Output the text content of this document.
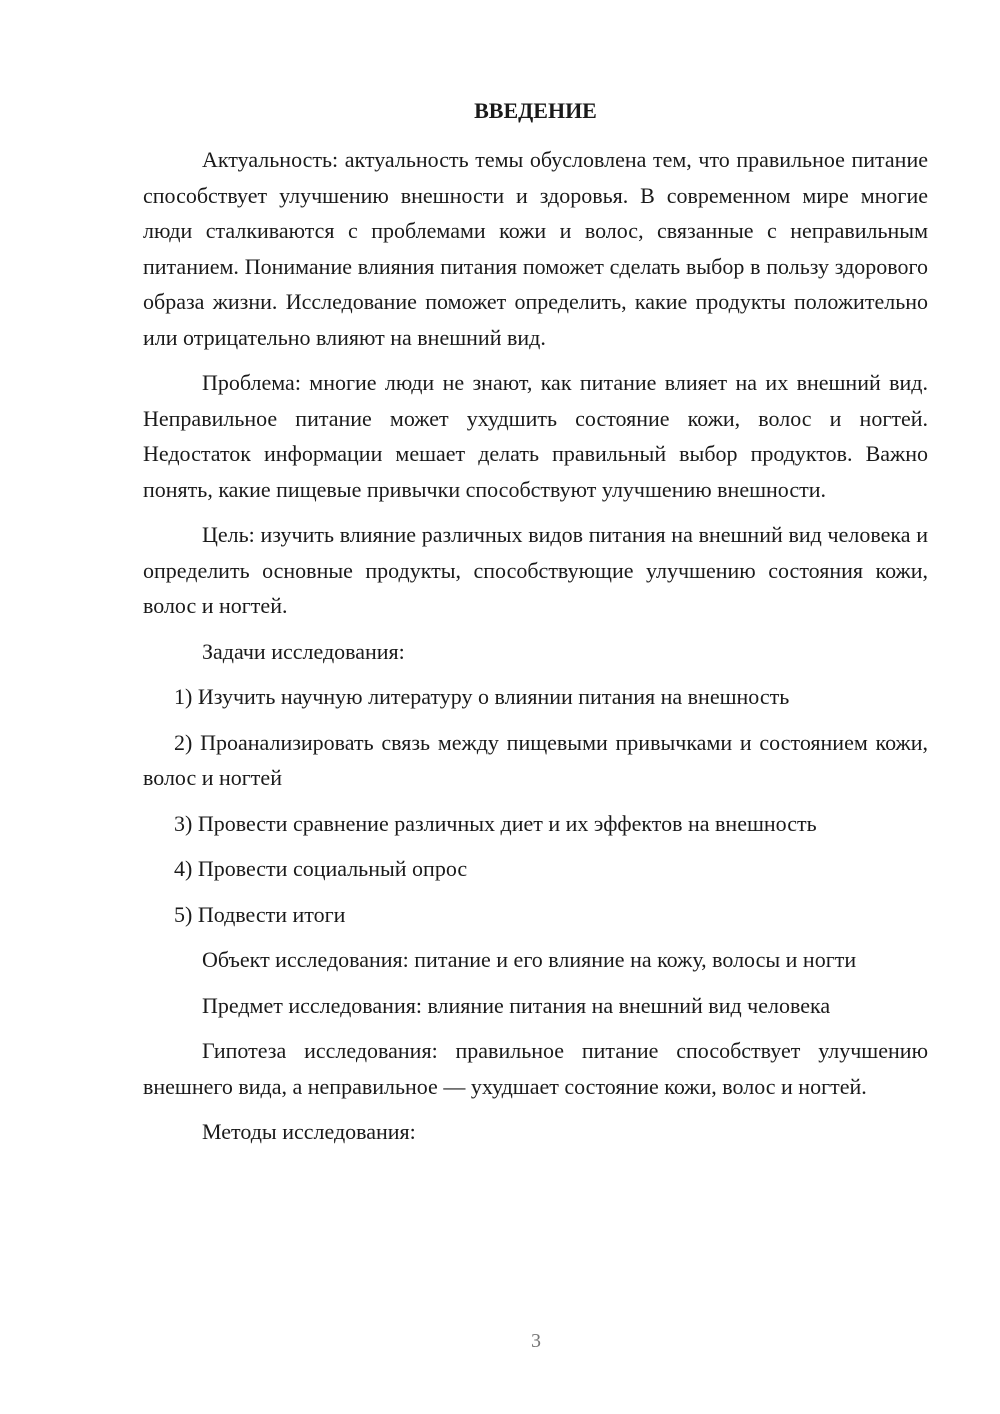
ВВЕДЕНИЕ

Актуальность: актуальность темы обусловлена тем, что правильное питание способствует улучшению внешности и здоровья. В современном мире многие люди сталкиваются с проблемами кожи и волос, связанные с неправильным питанием. Понимание влияния питания поможет сделать выбор в пользу здорового образа жизни. Исследование поможет определить, какие продукты положительно или отрицательно влияют на внешний вид.

Проблема: многие люди не знают, как питание влияет на их внешний вид. Неправильное питание может ухудшить состояние кожи, волос и ногтей. Недостаток информации мешает делать правильный выбор продуктов. Важно понять, какие пищевые привычки способствуют улучшению внешности.

Цель: изучить влияние различных видов питания на внешний вид человека и определить основные продукты, способствующие улучшению состояния кожи, волос и ногтей.

Задачи исследования:

1) Изучить научную литературу о влиянии питания на внешность

2) Проанализировать связь между пищевыми привычками и состоянием кожи, волос и ногтей

3) Провести сравнение различных диет и их эффектов на внешность

4) Провести социальный опрос

5) Подвести итоги

Объект исследования: питание и его влияние на кожу, волосы и ногти

Предмет исследования: влияние питания на внешний вид человека

Гипотеза исследования: правильное питание способствует улучшению внешнего вида, а неправильное — ухудшает состояние кожи, волос и ногтей.

Методы исследования:

3
